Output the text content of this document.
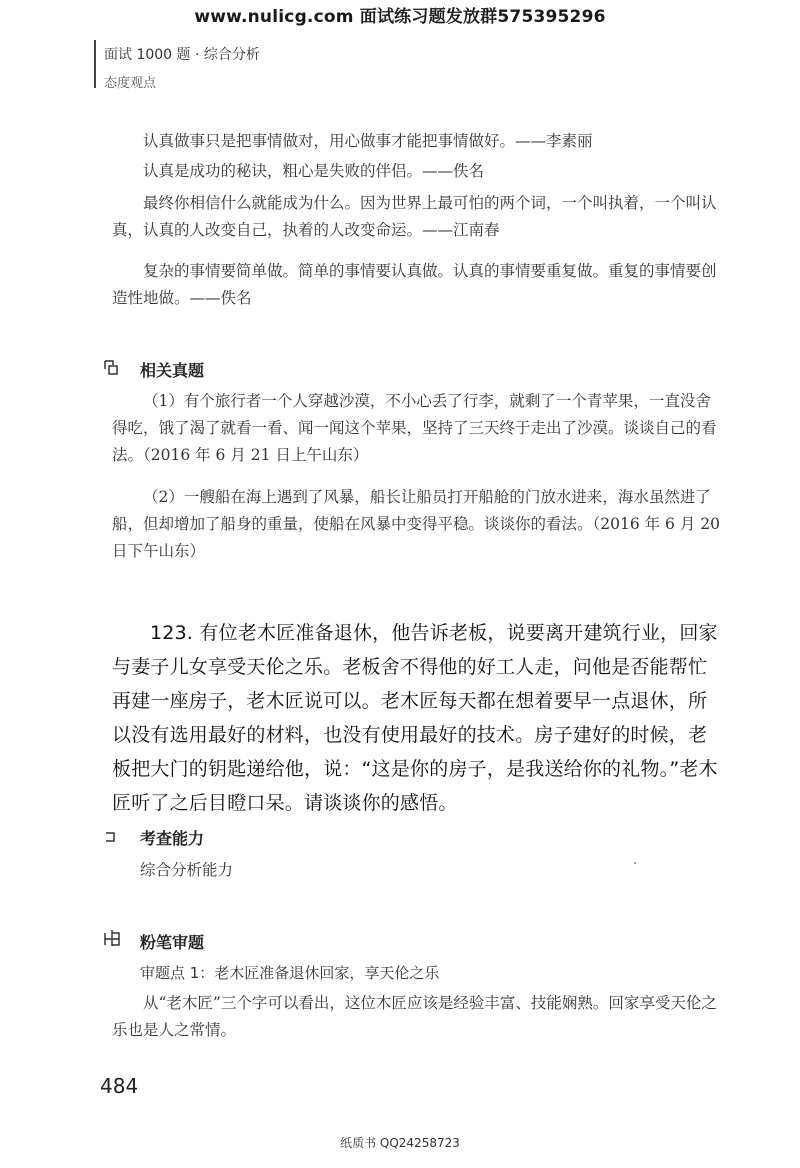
www.nulicg.com 面试练习题发放群575395296
面试 1000 题 · 综合分析
态度观点

认真做事只是把事情做对，用心做事才能把事情做好。——李素丽

认真是成功的秘诀，粗心是失败的伴侣。——佚名

最终你相信什么就能成为什么。因为世界上最可怕的两个词，一个叫执着，一个叫认真，认真的人改变自己，执着的人改变命运。——江南春

复杂的事情要简单做。简单的事情要认真做。认真的事情要重复做。重复的事情要创造性地做。——佚名

相关真题

（1）有个旅行者一个人穿越沙漠，不小心丢了行李，就剩了一个青苹果，一直没舍得吃，饿了渴了就看一看、闻一闻这个苹果，坚持了三天终于走出了沙漠。谈谈自己的看法。（2016 年 6 月 21 日上午山东）

（2）一艘船在海上遇到了风暴，船长让船员打开船舱的门放水进来，海水虽然进了船，但却增加了船身的重量，使船在风暴中变得平稳。谈谈你的看法。（2016 年 6 月 20 日下午山东）

123. 有位老木匠准备退休，他告诉老板，说要离开建筑行业，回家与妻子儿女享受天伦之乐。老板舍不得他的好工人走，问他是否能帮忙再建一座房子，老木匠说可以。老木匠每天都在想着要早一点退休，所以没有选用最好的材料，也没有使用最好的技术。房子建好的时候，老板把大门的钥匙递给他，说：“这是你的房子，是我送给你的礼物。”老木匠听了之后目瞪口呆。请谈谈你的感悟。

考查能力
综合分析能力
粉笔审题
审题点 1：老木匠准备退休回家，享天伦之乐

从“老木匠”三个字可以看出，这位木匠应该是经验丰富、技能娴熟。回家享受天伦之乐也是人之常情。

484
纸质书 QQ24258723
